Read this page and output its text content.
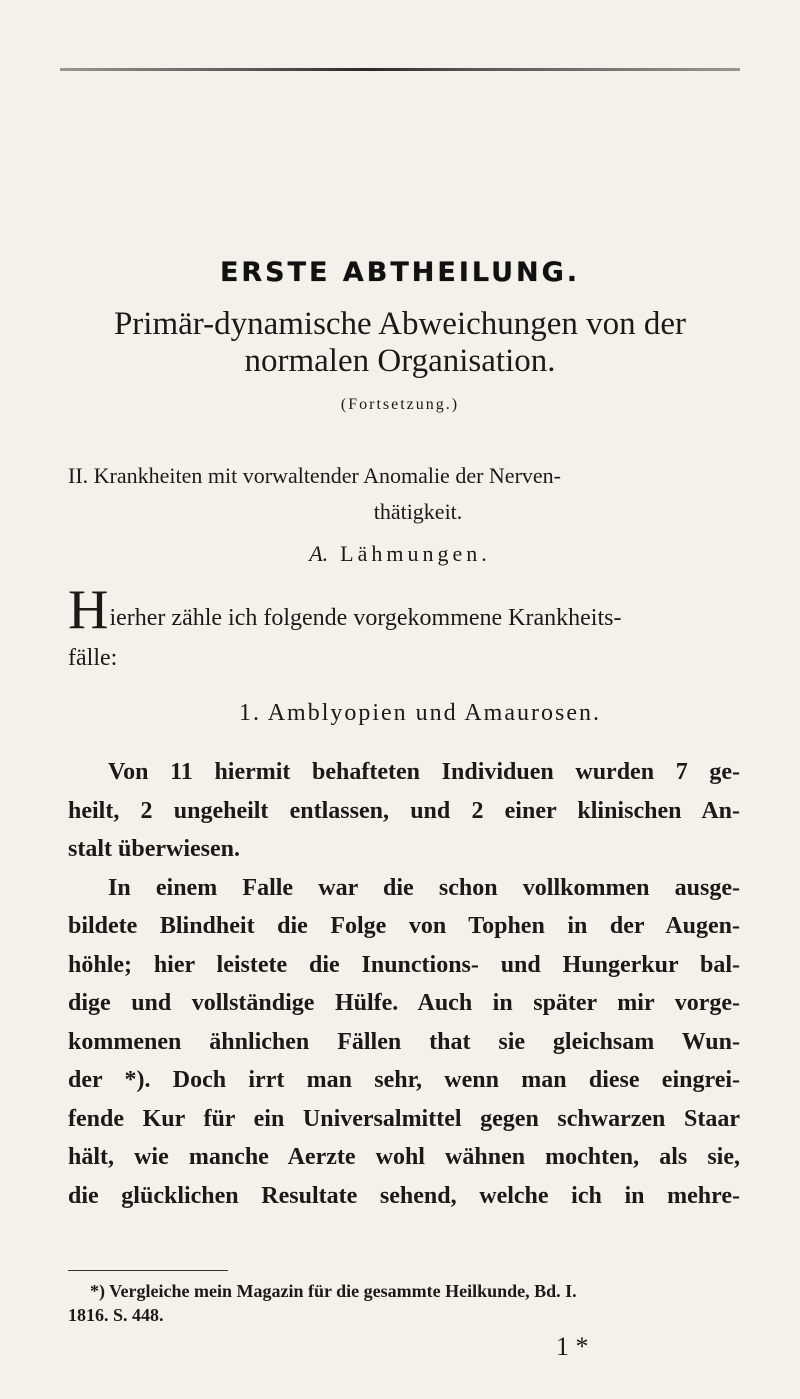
ERSTE ABTHEILUNG.
Primär-dynamische Abweichungen von der
normalen Organisation.
(Fortsetzung.)
II. Krankheiten mit vorwaltender Anomalie der Nerven-
thätigkeit.
A. Lähmungen.
Hierher zähle ich folgende vorgekommene Krankheits-
fälle:
1. Amblyopien und Amaurosen.
Von 11 hiermit behafteten Individuen wurden 7 ge-
heilt, 2 ungeheilt entlassen, und 2 einer klinischen An-
stalt überwiesen.
In einem Falle war die schon vollkommen ausge-
bildete Blindheit die Folge von Tophen in der Augen-
höhle; hier leistete die Inunctions- und Hungerkur bal-
dige und vollständige Hülfe. Auch in später mir vorge-
kommenen ähnlichen Fällen that sie gleichsam Wun-
der *). Doch irrt man sehr, wenn man diese eingrei-
fende Kur für ein Universalmittel gegen schwarzen Staar
hält, wie manche Aerzte wohl wähnen mochten, als sie,
die glücklichen Resultate sehend, welche ich in mehre-
*) Vergleiche mein Magazin für die gesammte Heilkunde, Bd. I.
1816. S. 448.
1 *
